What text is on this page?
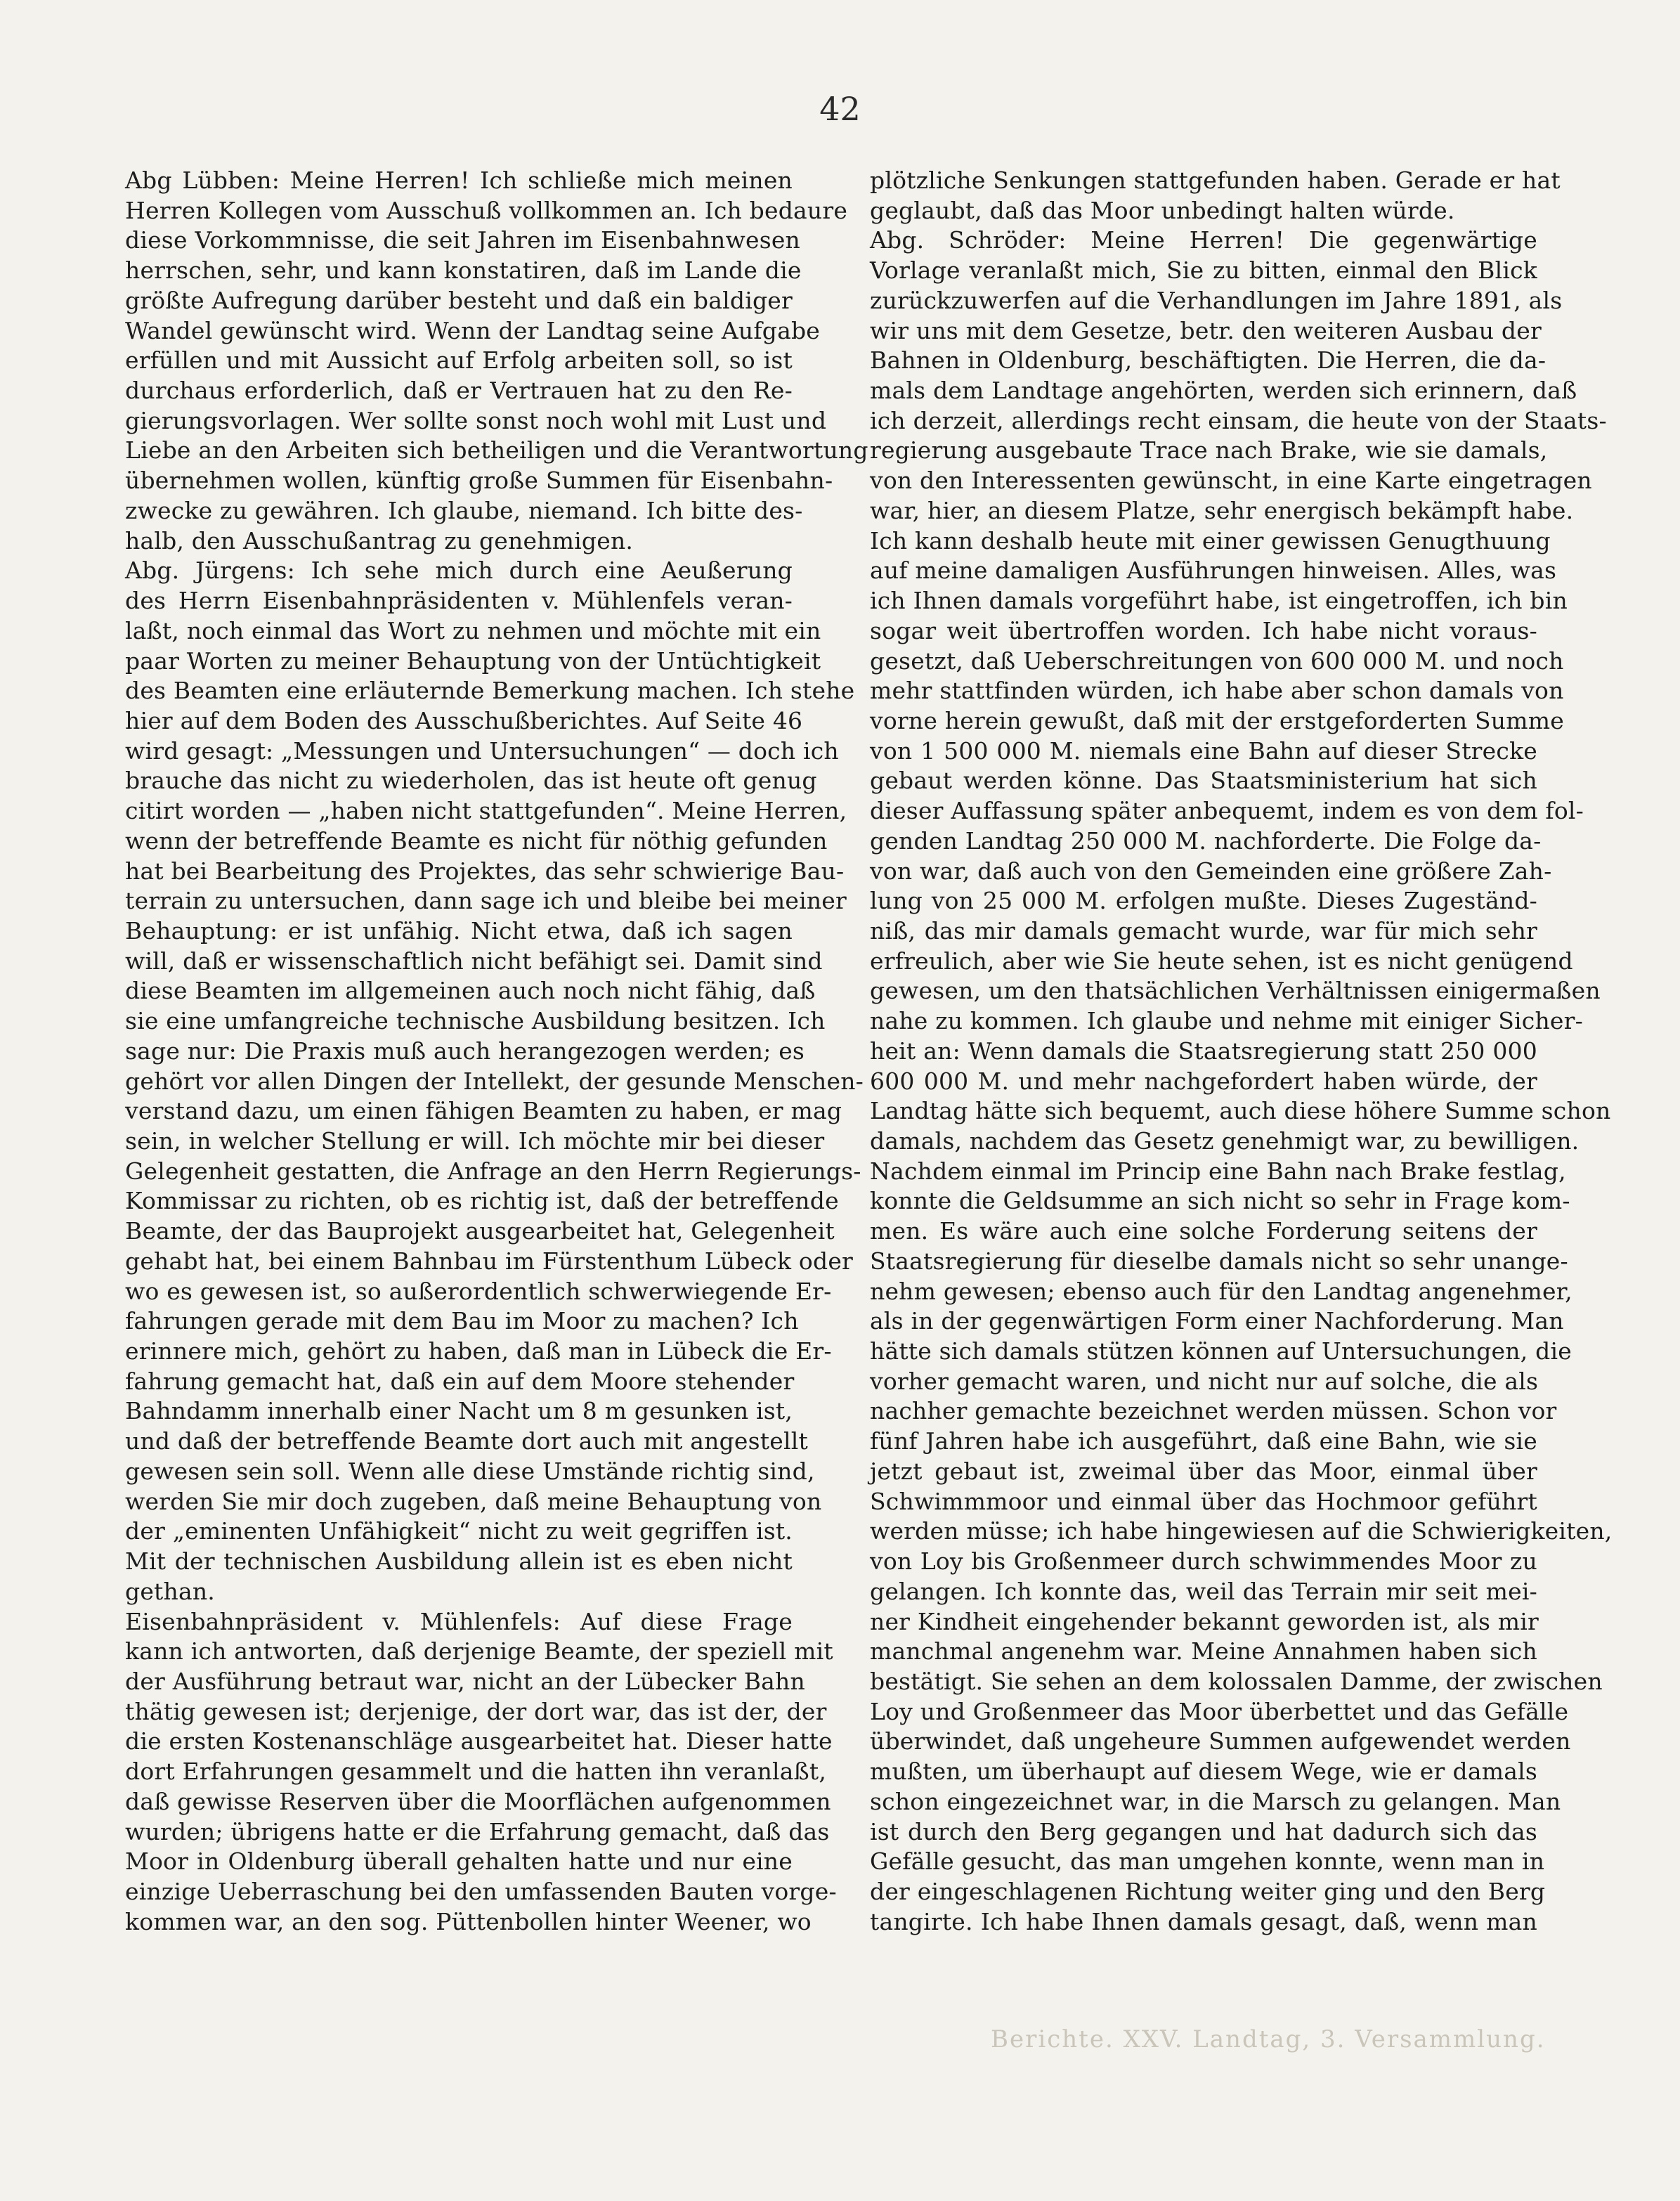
42
Abg Lübben: Meine Herren! Ich schließe mich meinen
Herren Kollegen vom Ausschuß vollkommen an. Ich bedaure
diese Vorkommnisse, die seit Jahren im Eisenbahnwesen
herrschen, sehr, und kann konstatiren, daß im Lande die
größte Aufregung darüber besteht und daß ein baldiger
Wandel gewünscht wird. Wenn der Landtag seine Aufgabe
erfüllen und mit Aussicht auf Erfolg arbeiten soll, so ist
durchaus erforderlich, daß er Vertrauen hat zu den Re-
gierungsvorlagen. Wer sollte sonst noch wohl mit Lust und
Liebe an den Arbeiten sich betheiligen und die Verantwortung
übernehmen wollen, künftig große Summen für Eisenbahn-
zwecke zu gewähren. Ich glaube, niemand. Ich bitte des-
halb, den Ausschußantrag zu genehmigen.
Abg. Jürgens: Ich sehe mich durch eine Aeußerung
des Herrn Eisenbahnpräsidenten v. Mühlenfels veran-
laßt, noch einmal das Wort zu nehmen und möchte mit ein
paar Worten zu meiner Behauptung von der Untüchtigkeit
des Beamten eine erläuternde Bemerkung machen. Ich stehe
hier auf dem Boden des Ausschußberichtes. Auf Seite 46
wird gesagt: „Messungen und Untersuchungen“ — doch ich
brauche das nicht zu wiederholen, das ist heute oft genug
citirt worden — „haben nicht stattgefunden“. Meine Herren,
wenn der betreffende Beamte es nicht für nöthig gefunden
hat bei Bearbeitung des Projektes, das sehr schwierige Bau-
terrain zu untersuchen, dann sage ich und bleibe bei meiner
Behauptung: er ist unfähig. Nicht etwa, daß ich sagen
will, daß er wissenschaftlich nicht befähigt sei. Damit sind
diese Beamten im allgemeinen auch noch nicht fähig, daß
sie eine umfangreiche technische Ausbildung besitzen. Ich
sage nur: Die Praxis muß auch herangezogen werden; es
gehört vor allen Dingen der Intellekt, der gesunde Menschen-
verstand dazu, um einen fähigen Beamten zu haben, er mag
sein, in welcher Stellung er will. Ich möchte mir bei dieser
Gelegenheit gestatten, die Anfrage an den Herrn Regierungs-
Kommissar zu richten, ob es richtig ist, daß der betreffende
Beamte, der das Bauprojekt ausgearbeitet hat, Gelegenheit
gehabt hat, bei einem Bahnbau im Fürstenthum Lübeck oder
wo es gewesen ist, so außerordentlich schwerwiegende Er-
fahrungen gerade mit dem Bau im Moor zu machen? Ich
erinnere mich, gehört zu haben, daß man in Lübeck die Er-
fahrung gemacht hat, daß ein auf dem Moore stehender
Bahndamm innerhalb einer Nacht um 8 m gesunken ist,
und daß der betreffende Beamte dort auch mit angestellt
gewesen sein soll. Wenn alle diese Umstände richtig sind,
werden Sie mir doch zugeben, daß meine Behauptung von
der „eminenten Unfähigkeit“ nicht zu weit gegriffen ist.
Mit der technischen Ausbildung allein ist es eben nicht
gethan.
Eisenbahnpräsident v. Mühlenfels: Auf diese Frage
kann ich antworten, daß derjenige Beamte, der speziell mit
der Ausführung betraut war, nicht an der Lübecker Bahn
thätig gewesen ist; derjenige, der dort war, das ist der, der
die ersten Kostenanschläge ausgearbeitet hat. Dieser hatte
dort Erfahrungen gesammelt und die hatten ihn veranlaßt,
daß gewisse Reserven über die Moorflächen aufgenommen
wurden; übrigens hatte er die Erfahrung gemacht, daß das
Moor in Oldenburg überall gehalten hatte und nur eine
einzige Ueberraschung bei den umfassenden Bauten vorge-
kommen war, an den sog. Püttenbollen hinter Weener, wo
plötzliche Senkungen stattgefunden haben. Gerade er hat
geglaubt, daß das Moor unbedingt halten würde.
Abg. Schröder: Meine Herren! Die gegenwärtige
Vorlage veranlaßt mich, Sie zu bitten, einmal den Blick
zurückzuwerfen auf die Verhandlungen im Jahre 1891, als
wir uns mit dem Gesetze, betr. den weiteren Ausbau der
Bahnen in Oldenburg, beschäftigten. Die Herren, die da-
mals dem Landtage angehörten, werden sich erinnern, daß
ich derzeit, allerdings recht einsam, die heute von der Staats-
regierung ausgebaute Trace nach Brake, wie sie damals,
von den Interessenten gewünscht, in eine Karte eingetragen
war, hier, an diesem Platze, sehr energisch bekämpft habe.
Ich kann deshalb heute mit einer gewissen Genugthuung
auf meine damaligen Ausführungen hinweisen. Alles, was
ich Ihnen damals vorgeführt habe, ist eingetroffen, ich bin
sogar weit übertroffen worden. Ich habe nicht voraus-
gesetzt, daß Ueberschreitungen von 600 000 M. und noch
mehr stattfinden würden, ich habe aber schon damals von
vorne herein gewußt, daß mit der erstgeforderten Summe
von 1 500 000 M. niemals eine Bahn auf dieser Strecke
gebaut werden könne. Das Staatsministerium hat sich
dieser Auffassung später anbequemt, indem es von dem fol-
genden Landtag 250 000 M. nachforderte. Die Folge da-
von war, daß auch von den Gemeinden eine größere Zah-
lung von 25 000 M. erfolgen mußte. Dieses Zugeständ-
niß, das mir damals gemacht wurde, war für mich sehr
erfreulich, aber wie Sie heute sehen, ist es nicht genügend
gewesen, um den thatsächlichen Verhältnissen einigermaßen
nahe zu kommen. Ich glaube und nehme mit einiger Sicher-
heit an: Wenn damals die Staatsregierung statt 250 000
600 000 M. und mehr nachgefordert haben würde, der
Landtag hätte sich bequemt, auch diese höhere Summe schon
damals, nachdem das Gesetz genehmigt war, zu bewilligen.
Nachdem einmal im Princip eine Bahn nach Brake festlag,
konnte die Geldsumme an sich nicht so sehr in Frage kom-
men. Es wäre auch eine solche Forderung seitens der
Staatsregierung für dieselbe damals nicht so sehr unange-
nehm gewesen; ebenso auch für den Landtag angenehmer,
als in der gegenwärtigen Form einer Nachforderung. Man
hätte sich damals stützen können auf Untersuchungen, die
vorher gemacht waren, und nicht nur auf solche, die als
nachher gemachte bezeichnet werden müssen. Schon vor
fünf Jahren habe ich ausgeführt, daß eine Bahn, wie sie
jetzt gebaut ist, zweimal über das Moor, einmal über
Schwimmmoor und einmal über das Hochmoor geführt
werden müsse; ich habe hingewiesen auf die Schwierigkeiten,
von Loy bis Großenmeer durch schwimmendes Moor zu
gelangen. Ich konnte das, weil das Terrain mir seit mei-
ner Kindheit eingehender bekannt geworden ist, als mir
manchmal angenehm war. Meine Annahmen haben sich
bestätigt. Sie sehen an dem kolossalen Damme, der zwischen
Loy und Großenmeer das Moor überbettet und das Gefälle
überwindet, daß ungeheure Summen aufgewendet werden
mußten, um überhaupt auf diesem Wege, wie er damals
schon eingezeichnet war, in die Marsch zu gelangen. Man
ist durch den Berg gegangen und hat dadurch sich das
Gefälle gesucht, das man umgehen konnte, wenn man in
der eingeschlagenen Richtung weiter ging und den Berg
tangirte. Ich habe Ihnen damals gesagt, daß, wenn man
Berichte. XXV. Landtag, 3. Versammlung.
